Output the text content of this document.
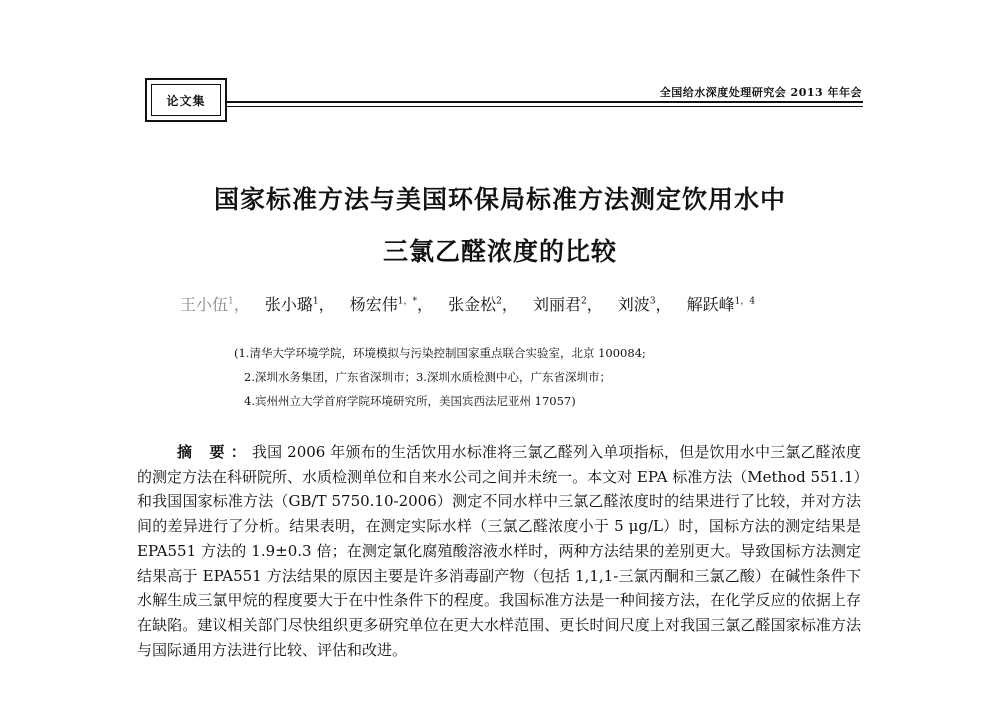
论文集
全国给水深度处理研究会 2013 年年会
国家标准方法与美国环保局标准方法测定饮用水中
三氯乙醛浓度的比较
王小伍$^1$， 张小璐$^1$， 杨宏伟$^{1,*}$， 张金松$^2$， 刘丽君$^2$， 刘波$^3$， 解跃峰$^{1,4}$
(1.清华大学环境学院，环境模拟与污染控制国家重点联合实验室，北京 100084;
2.深圳水务集团，广东省深圳市；3.深圳水质检测中心，广东省深圳市；
4.宾州州立大学首府学院环境研究所，美国宾西法尼亚州 17057)
摘 要：我国 2006 年颁布的生活饮用水标准将三氯乙醛列入单项指标，但是饮用水中三氯乙醛浓度的测定方法在科研院所、水质检测单位和自来水公司之间并未统一。本文对 EPA 标准方法（Method 551.1）和我国国家标准方法（GB/T 5750.10-2006）测定不同水样中三氯乙醛浓度时的结果进行了比较，并对方法间的差异进行了分析。结果表明，在测定实际水样（三氯乙醛浓度小于 5 μg/L）时，国标方法的测定结果是 EPA551 方法的 1.9±0.3 倍；在测定氯化腐殖酸溶液水样时，两种方法结果的差别更大。导致国标方法测定结果高于 EPA551 方法结果的原因主要是许多消毒副产物（包括 1,1,1-三氯丙酮和三氯乙酸）在碱性条件下水解生成三氯甲烷的程度要大于在中性条件下的程度。我国标准方法是一种间接方法，在化学反应的依据上存在缺陷。建议相关部门尽快组织更多研究单位在更大水样范围、更长时间尺度上对我国三氯乙醛国家标准方法与国际通用方法进行比较、评估和改进。
